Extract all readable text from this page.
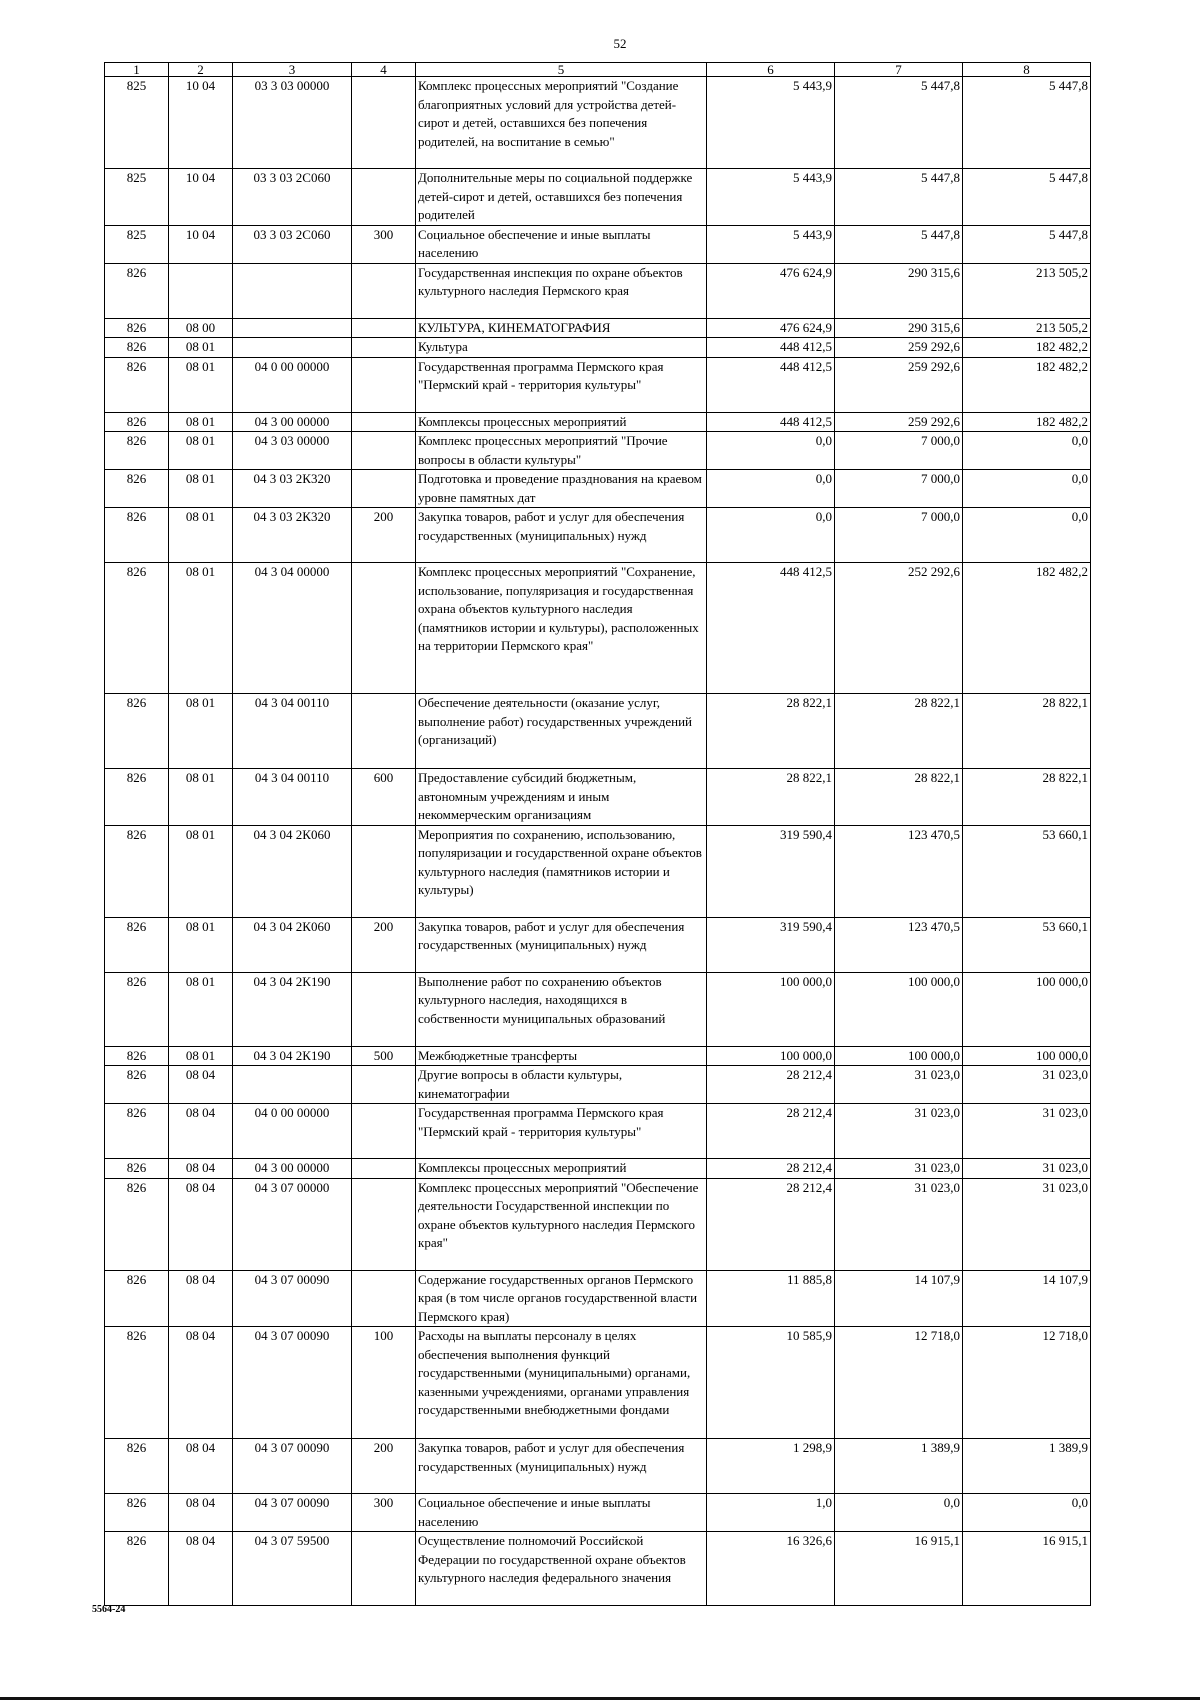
52
1	2	3	4	5	6	7	8
825	10 04	03 3 03 00000		Комплекс процессных мероприятий "Создание благоприятных условий для устройства детей-сирот и детей, оставшихся без попечения родителей, на воспитание в семью"	5 443,9	5 447,8	5 447,8
825	10 04	03 3 03 2С060		Дополнительные меры по социальной поддержке детей-сирот и детей, оставшихся без попечения родителей	5 443,9	5 447,8	5 447,8
825	10 04	03 3 03 2С060	300	Социальное обеспечение и иные выплаты населению	5 443,9	5 447,8	5 447,8
826				Государственная инспекция по охране объектов культурного наследия Пермского края	476 624,9	290 315,6	213 505,2
826	08 00			КУЛЬТУРА, КИНЕМАТОГРАФИЯ	476 624,9	290 315,6	213 505,2
826	08 01			Культура	448 412,5	259 292,6	182 482,2
826	08 01	04 0 00 00000		Государственная программа Пермского края "Пермский край - территория культуры"	448 412,5	259 292,6	182 482,2
826	08 01	04 3 00 00000		Комплексы процессных мероприятий	448 412,5	259 292,6	182 482,2
826	08 01	04 3 03 00000		Комплекс процессных мероприятий "Прочие вопросы в области культуры"	0,0	7 000,0	0,0
826	08 01	04 3 03 2К320		Подготовка и проведение празднования на краевом уровне памятных дат	0,0	7 000,0	0,0
826	08 01	04 3 03 2К320	200	Закупка товаров, работ и услуг для обеспечения государственных (муниципальных) нужд	0,0	7 000,0	0,0
826	08 01	04 3 04 00000		Комплекс процессных мероприятий "Сохранение, использование, популяризация и государственная охрана объектов культурного наследия (памятников истории и культуры), расположенных на территории Пермского края"	448 412,5	252 292,6	182 482,2
826	08 01	04 3 04 00110		Обеспечение деятельности (оказание услуг, выполнение работ) государственных учреждений (организаций)	28 822,1	28 822,1	28 822,1
826	08 01	04 3 04 00110	600	Предоставление субсидий бюджетным, автономным учреждениям и иным некоммерческим организациям	28 822,1	28 822,1	28 822,1
826	08 01	04 3 04 2К060		Мероприятия по сохранению, использованию, популяризации и государственной охране объектов культурного наследия (памятников истории и культуры)	319 590,4	123 470,5	53 660,1
826	08 01	04 3 04 2К060	200	Закупка товаров, работ и услуг для обеспечения государственных (муниципальных) нужд	319 590,4	123 470,5	53 660,1
826	08 01	04 3 04 2К190		Выполнение работ по сохранению объектов культурного наследия, находящихся в собственности муниципальных образований	100 000,0	100 000,0	100 000,0
826	08 01	04 3 04 2К190	500	Межбюджетные трансферты	100 000,0	100 000,0	100 000,0
826	08 04			Другие вопросы в области культуры, кинематографии	28 212,4	31 023,0	31 023,0
826	08 04	04 0 00 00000		Государственная программа Пермского края "Пермский край - территория культуры"	28 212,4	31 023,0	31 023,0
826	08 04	04 3 00 00000		Комплексы процессных мероприятий	28 212,4	31 023,0	31 023,0
826	08 04	04 3 07 00000		Комплекс процессных мероприятий "Обеспечение деятельности Государственной инспекции по охране объектов культурного наследия Пермского края"	28 212,4	31 023,0	31 023,0
826	08 04	04 3 07 00090		Содержание государственных органов Пермского края (в том числе органов государственной власти Пермского края)	11 885,8	14 107,9	14 107,9
826	08 04	04 3 07 00090	100	Расходы на выплаты персоналу в целях обеспечения выполнения функций государственными (муниципальными) органами, казенными учреждениями, органами управления государственными внебюджетными фондами	10 585,9	12 718,0	12 718,0
826	08 04	04 3 07 00090	200	Закупка товаров, работ и услуг для обеспечения государственных (муниципальных) нужд	1 298,9	1 389,9	1 389,9
826	08 04	04 3 07 00090	300	Социальное обеспечение и иные выплаты населению	1,0	0,0	0,0
826	08 04	04 3 07 59500		Осуществление полномочий Российской Федерации по государственной охране объектов культурного наследия федерального значения	16 326,6	16 915,1	16 915,1
5564-24
